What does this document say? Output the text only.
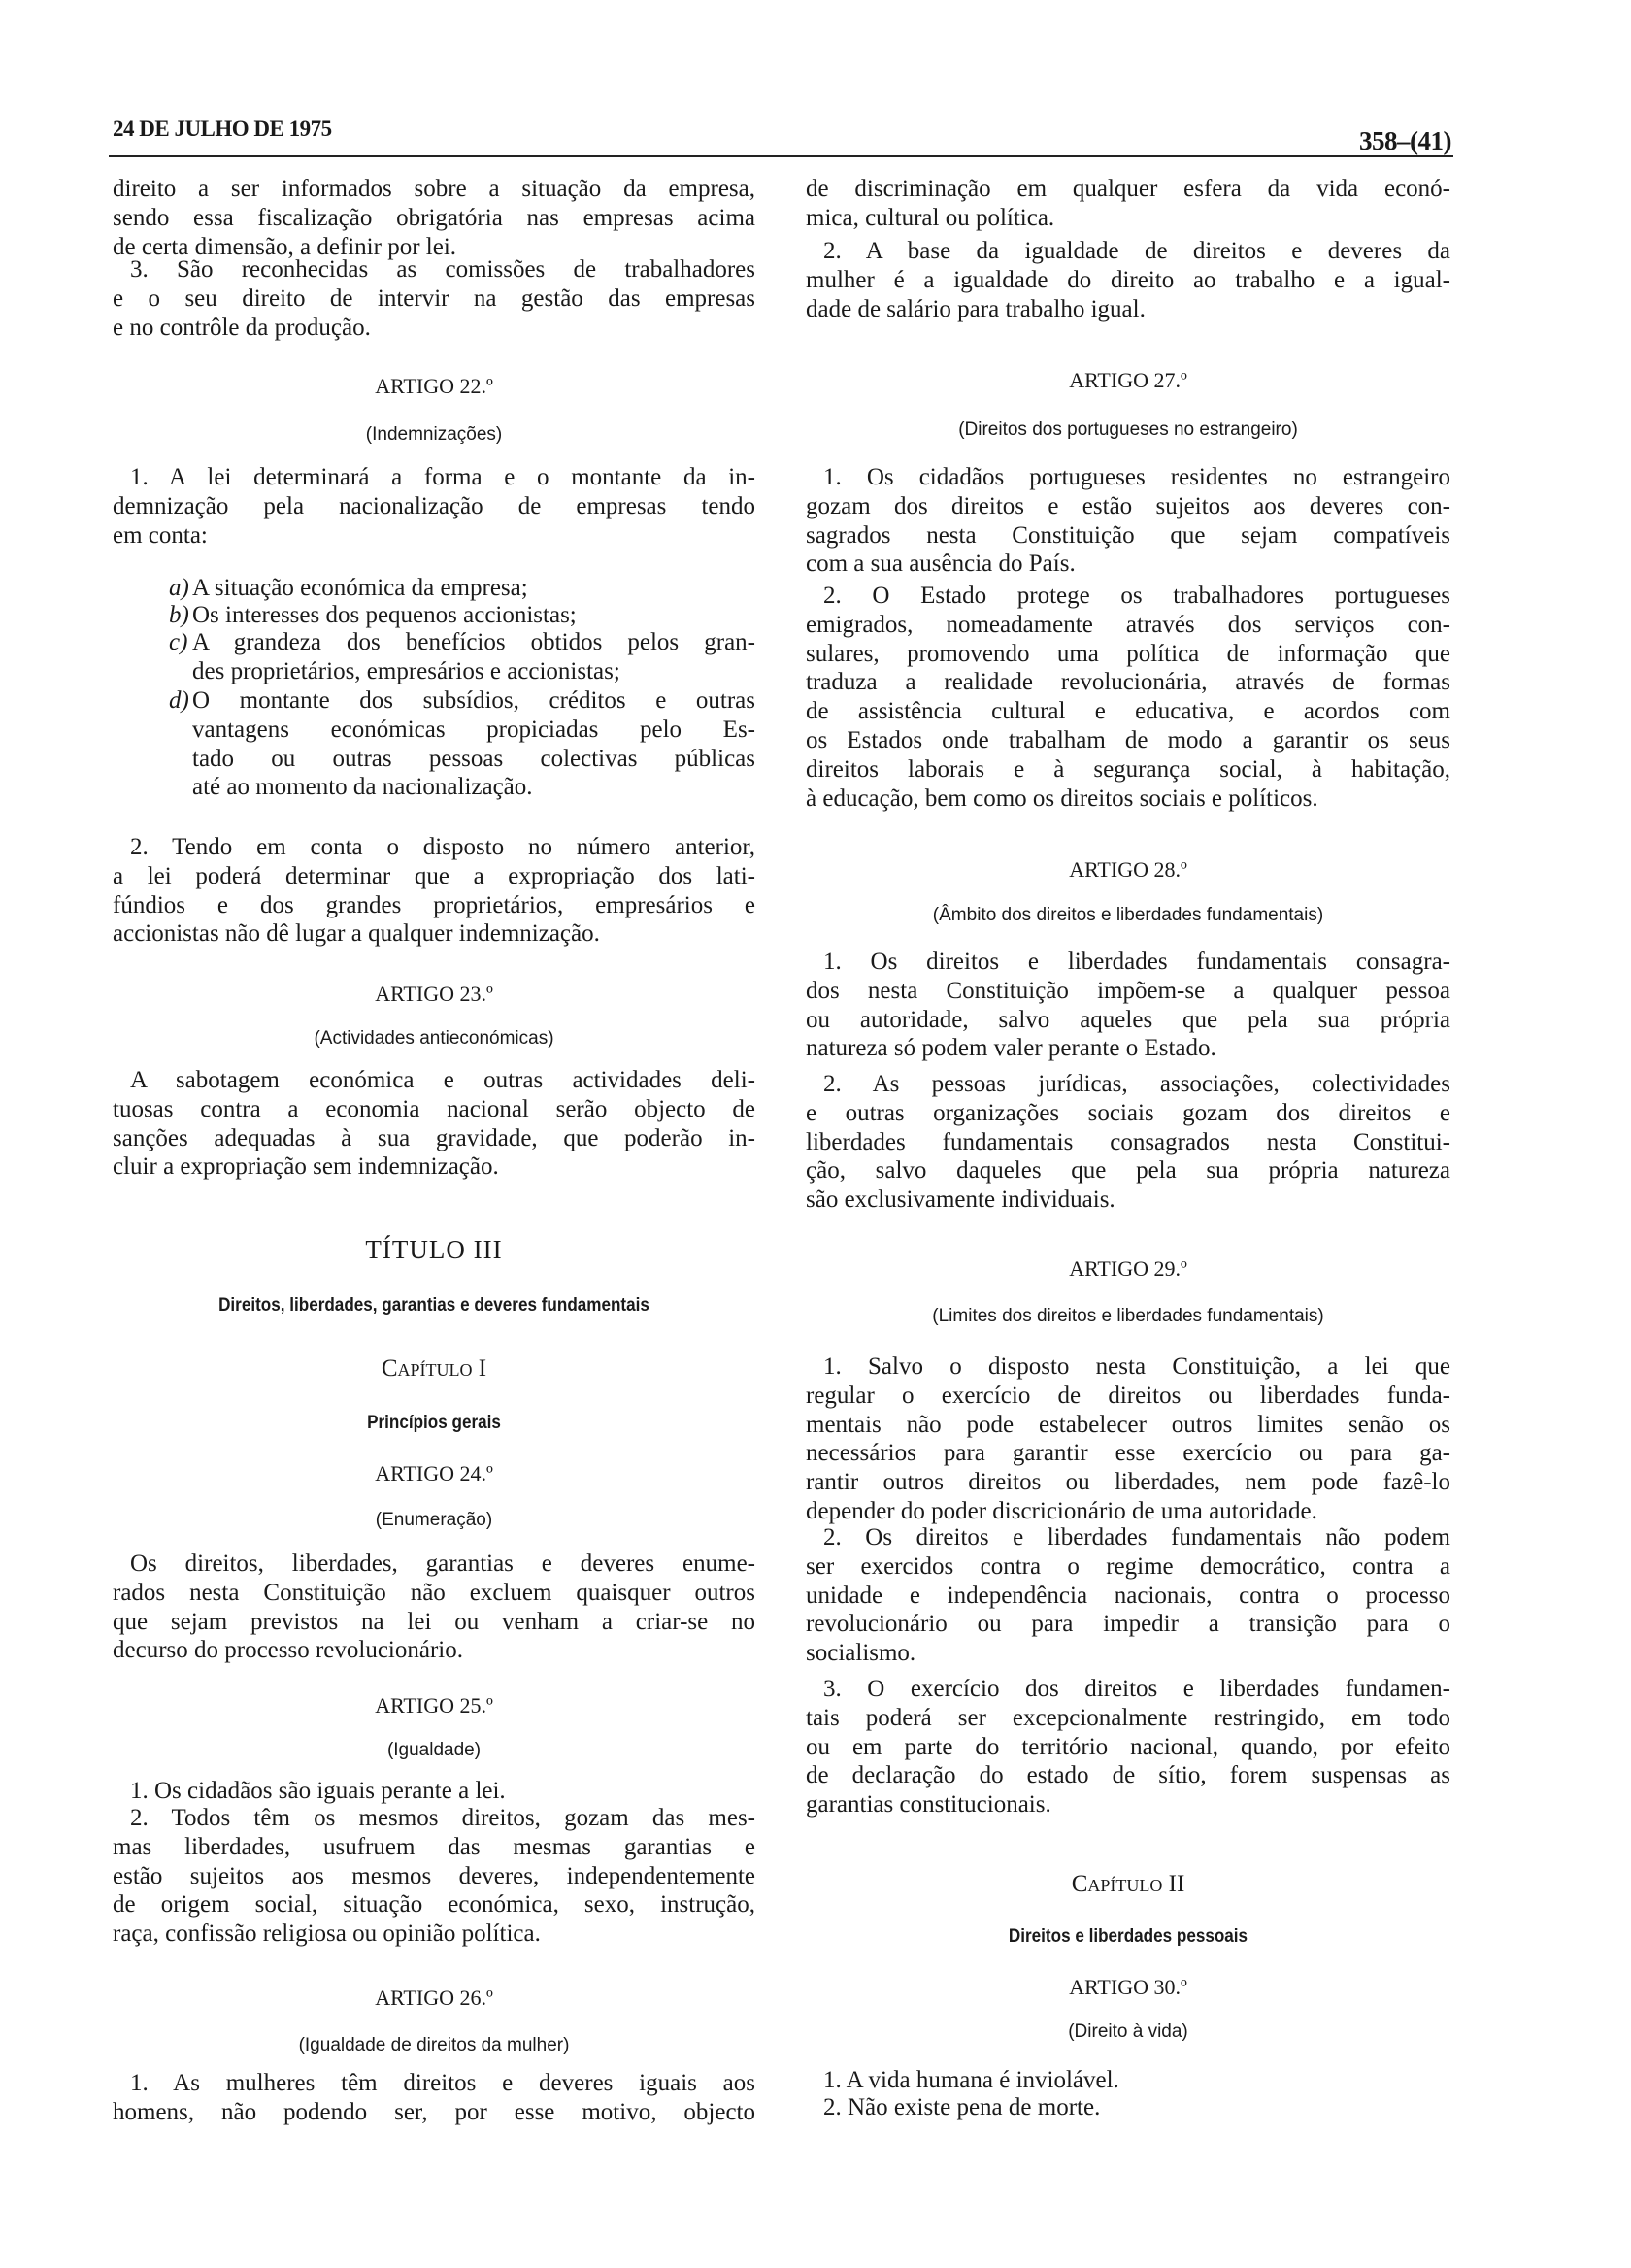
24 DE JULHO DE 1975	358–(41)
direito a ser informados sobre a situação da empresa,
sendo essa fiscalização obrigatória nas empresas acima
de certa dimensão, a definir por lei.
3. São reconhecidas as comissões de trabalhadores
e o seu direito de intervir na gestão das empresas
e no contrôle da produção.
ARTIGO 22.º
(Indemnizações)
1. A lei determinará a forma e o montante da in-
demnização pela nacionalização de empresas tendo
em conta:
a) A situação económica da empresa;
b) Os interesses dos pequenos accionistas;
c) A grandeza dos benefícios obtidos pelos gran-
des proprietários, empresários e accionistas;
d) O montante dos subsídios, créditos e outras
vantagens económicas propiciadas pelo Es-
tado ou outras pessoas colectivas públicas
até ao momento da nacionalização.
2. Tendo em conta o disposto no número anterior,
a lei poderá determinar que a expropriação dos lati-
fúndios e dos grandes proprietários, empresários e
accionistas não dê lugar a qualquer indemnização.
ARTIGO 23.º
(Actividades antieconómicas)
A sabotagem económica e outras actividades deli-
tuosas contra a economia nacional serão objecto de
sanções adequadas à sua gravidade, que poderão in-
cluir a expropriação sem indemnização.
TÍTULO III
Direitos, liberdades, garantias e deveres fundamentais
Capítulo I
Princípios gerais
ARTIGO 24.º
(Enumeração)
Os direitos, liberdades, garantias e deveres enume-
rados nesta Constituição não excluem quaisquer outros
que sejam previstos na lei ou venham a criar-se no
decurso do processo revolucionário.
ARTIGO 25.º
(Igualdade)
1. Os cidadãos são iguais perante a lei.
2. Todos têm os mesmos direitos, gozam das mes-
mas liberdades, usufruem das mesmas garantias e
estão sujeitos aos mesmos deveres, independentemente
de origem social, situação económica, sexo, instrução,
raça, confissão religiosa ou opinião política.
ARTIGO 26.º
(Igualdade de direitos da mulher)
1. As mulheres têm direitos e deveres iguais aos
homens, não podendo ser, por esse motivo, objecto
de discriminação em qualquer esfera da vida econó-
mica, cultural ou política.
2. A base da igualdade de direitos e deveres da
mulher é a igualdade do direito ao trabalho e a igual-
dade de salário para trabalho igual.
ARTIGO 27.º
(Direitos dos portugueses no estrangeiro)
1. Os cidadãos portugueses residentes no estrangeiro
gozam dos direitos e estão sujeitos aos deveres con-
sagrados nesta Constituição que sejam compatíveis
com a sua ausência do País.
2. O Estado protege os trabalhadores portugueses
emigrados, nomeadamente através dos serviços con-
sulares, promovendo uma política de informação que
traduza a realidade revolucionária, através de formas
de assistência cultural e educativa, e acordos com
os Estados onde trabalham de modo a garantir os seus
direitos laborais e à segurança social, à habitação,
à educação, bem como os direitos sociais e políticos.
ARTIGO 28.º
(Âmbito dos direitos e liberdades fundamentais)
1. Os direitos e liberdades fundamentais consagra-
dos nesta Constituição impõem-se a qualquer pessoa
ou autoridade, salvo aqueles que pela sua própria
natureza só podem valer perante o Estado.
2. As pessoas jurídicas, associações, colectividades
e outras organizações sociais gozam dos direitos e
liberdades fundamentais consagrados nesta Constitui-
ção, salvo daqueles que pela sua própria natureza
são exclusivamente individuais.
ARTIGO 29.º
(Limites dos direitos e liberdades fundamentais)
1. Salvo o disposto nesta Constituição, a lei que
regular o exercício de direitos ou liberdades funda-
mentais não pode estabelecer outros limites senão os
necessários para garantir esse exercício ou para ga-
rantir outros direitos ou liberdades, nem pode fazê-lo
depender do poder discricionário de uma autoridade.
2. Os direitos e liberdades fundamentais não podem
ser exercidos contra o regime democrático, contra a
unidade e independência nacionais, contra o processo
revolucionário ou para impedir a transição para o
socialismo.
3. O exercício dos direitos e liberdades fundamen-
tais poderá ser excepcionalmente restringido, em todo
ou em parte do território nacional, quando, por efeito
de declaração do estado de sítio, forem suspensas as
garantias constitucionais.
Capítulo II
Direitos e liberdades pessoais
ARTIGO 30.º
(Direito à vida)
1. A vida humana é inviolável.
2. Não existe pena de morte.
